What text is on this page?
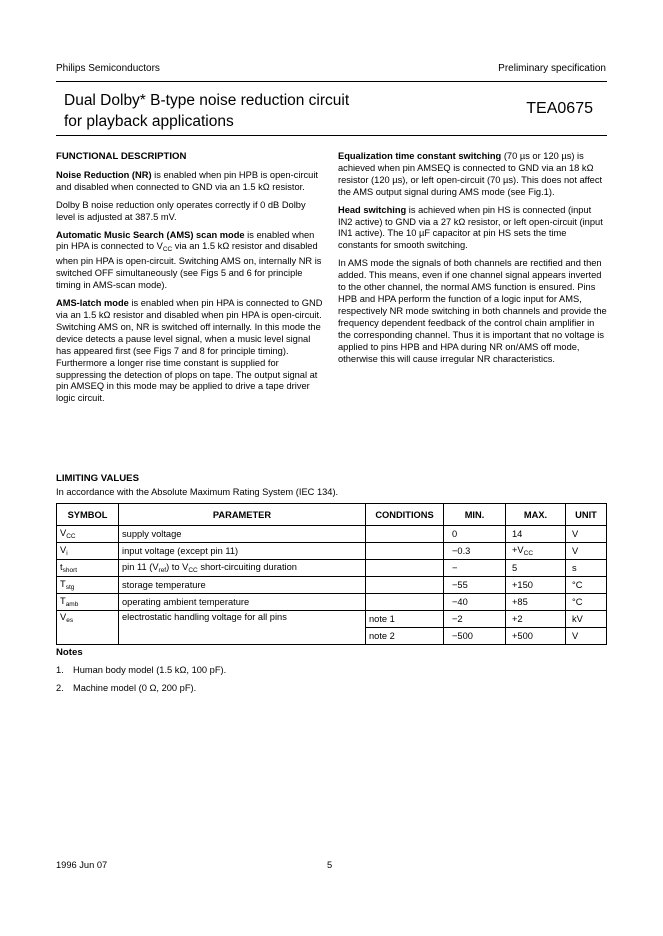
Philips Semiconductors	Preliminary specification
Dual Dolby* B-type noise reduction circuit
for playback applications
TEA0675

FUNCTIONAL DESCRIPTION

Noise Reduction (NR) is enabled when pin HPB is open-circuit and disabled when connected to GND via an 1.5 kΩ resistor.

Dolby B noise reduction only operates correctly if 0 dB Dolby level is adjusted at 387.5 mV.

Automatic Music Search (AMS) scan mode is enabled when pin HPA is connected to $V_{CC}$ via an 1.5 kΩ resistor and disabled when pin HPA is open-circuit. Switching AMS on, internally NR is switched OFF simultaneously (see Figs 5 and 6 for principle timing in AMS-scan mode).

AMS-latch mode is enabled when pin HPA is connected to GND via an 1.5 kΩ resistor and disabled when pin HPA is open-circuit. Switching AMS on, NR is switched off internally. In this mode the device detects a pause level signal, when a music level signal has appeared first (see Figs 7 and 8 for principle timing). Furthermore a longer rise time constant is supplied for suppressing the detection of plops on tape. The output signal at pin AMSEQ in this mode may be applied to drive a tape driver logic circuit.

Equalization time constant switching (70 µs or 120 µs) is achieved when pin AMSEQ is connected to GND via an 18 kΩ resistor (120 µs), or left open-circuit (70 µs). This does not affect the AMS output signal during AMS mode (see Fig.1).

Head switching is achieved when pin HS is connected (input IN2 active) to GND via a 27 kΩ resistor, or left open-circuit (input IN1 active). The 10 µF capacitor at pin HS sets the time constants for smooth switching.

In AMS mode the signals of both channels are rectified and then added. This means, even if one channel signal appears inverted to the other channel, the normal AMS function is ensured. Pins HPB and HPA perform the function of a logic input for AMS, respectively NR mode switching in both channels and provide the frequency dependent feedback of the control chain amplifier in the corresponding channel. Thus it is important that no voltage is applied to pins HPB and HPA during NR on/AMS off mode, otherwise this will cause irregular NR characteristics.

LIMITING VALUES
In accordance with the Absolute Maximum Rating System (IEC 134).
SYMBOL	PARAMETER	CONDITIONS	MIN.	MAX.	UNIT
$V_{CC}$	supply voltage		0	14	V
$V_i$	input voltage (except pin 11)		−0.3	$+V_{CC}$	V
$t_{short}$	pin 11 $(V_{ref})$ to $V_{CC}$ short-circuiting duration		−	5	s
$T_{stg}$	storage temperature		−55	+150	°C
$T_{amb}$	operating ambient temperature		−40	+85	°C
$V_{es}$	electrostatic handling voltage for all pins	note 1	−2	+2	kV
		note 2	−500	+500	V
Notes
1. Human body model (1.5 kΩ, 100 pF).
2. Machine model (0 Ω, 200 pF).
1996 Jun 07	5
